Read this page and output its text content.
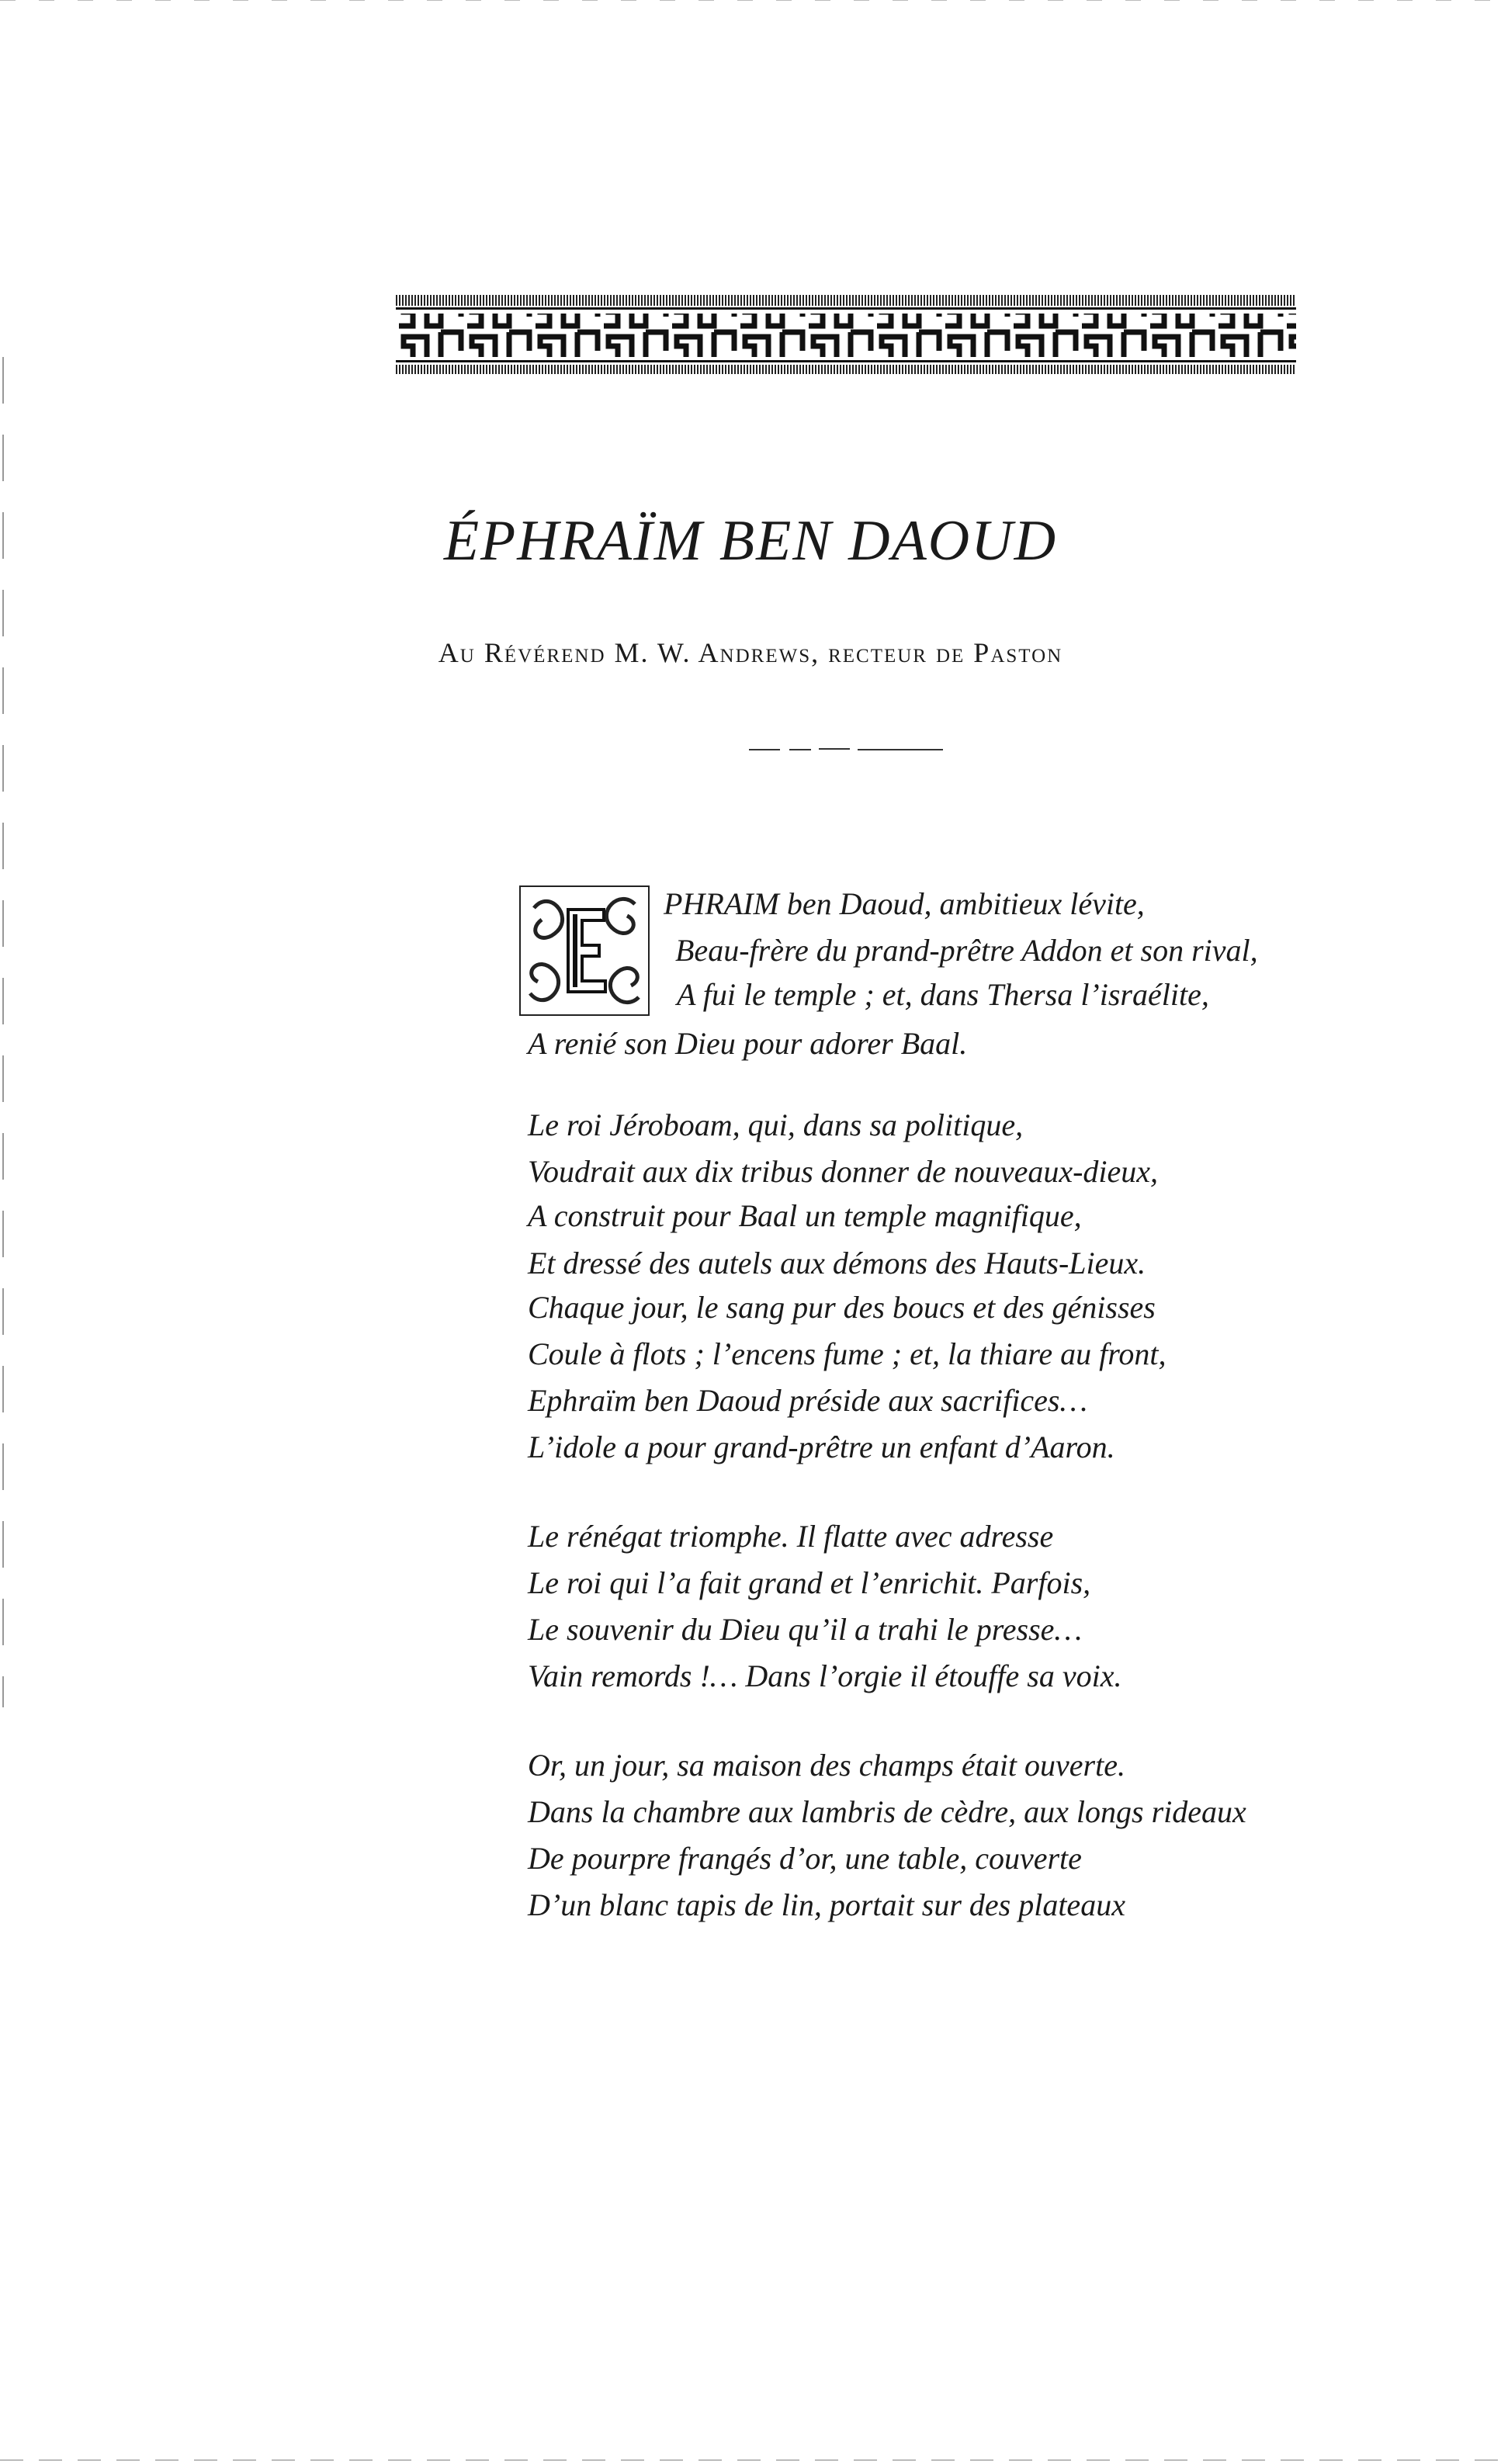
ÉPHRAÏM BEN DAOUD
Au Révérend M. W. Andrews, recteur de Paston
PHRAIM ben Daoud, ambitieux lévite,
Beau-frère du prand-prêtre Addon et son rival,
A fui le temple ; et, dans Thersa l’israélite,
A renié son Dieu pour adorer Baal.
Le roi Jéroboam, qui, dans sa politique,
Voudrait aux dix tribus donner de nouveaux-dieux,
A construit pour Baal un temple magnifique,
Et dressé des autels aux démons des Hauts-Lieux.
Chaque jour, le sang pur des boucs et des génisses
Coule à flots ; l’encens fume ; et, la thiare au front,
Ephraïm ben Daoud préside aux sacrifices…
L’idole a pour grand-prêtre un enfant d’Aaron.
Le rénégat triomphe. Il flatte avec adresse
Le roi qui l’a fait grand et l’enrichit. Parfois,
Le souvenir du Dieu qu’il a trahi le presse…
Vain remords !… Dans l’orgie il étouffe sa voix.
Or, un jour, sa maison des champs était ouverte.
Dans la chambre aux lambris de cèdre, aux longs rideaux
De pourpre frangés d’or, une table, couverte
D’un blanc tapis de lin, portait sur des plateaux
